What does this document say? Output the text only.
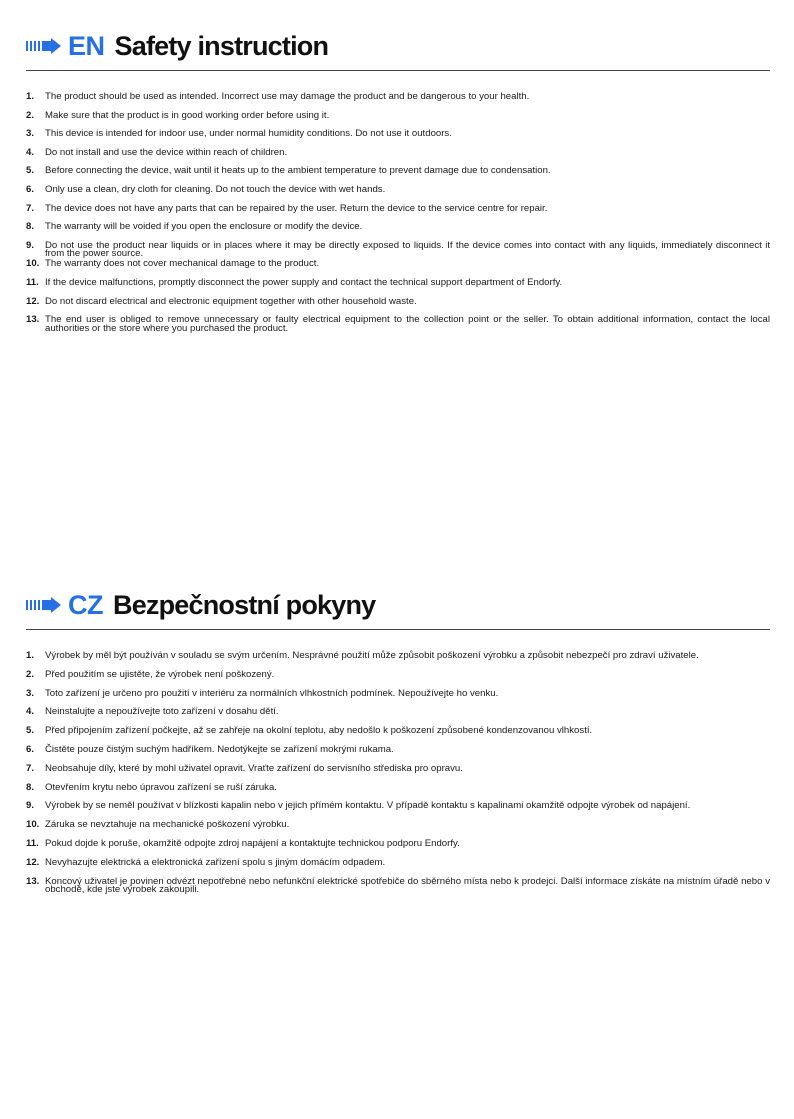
EN Safety instruction
1.	The product should be used as intended. Incorrect use may damage the product and be dangerous to your health.
2.	Make sure that the product is in good working order before using it.
3.	This device is intended for indoor use, under normal humidity conditions. Do not use it outdoors.
4.	Do not install and use the device within reach of children.
5.	Before connecting the device, wait until it heats up to the ambient temperature to prevent damage due to condensation.
6.	Only use a clean, dry cloth for cleaning. Do not touch the device with wet hands.
7.	The device does not have any parts that can be repaired by the user. Return the device to the service centre for repair.
8.	The warranty will be voided if you open the enclosure or modify the device.
9.	Do not use the product near liquids or in places where it may be directly exposed to liquids. If the device comes into contact with any liquids, immediately disconnect it from the power source.
10. The warranty does not cover mechanical damage to the product.
11. If the device malfunctions, promptly disconnect the power supply and contact the technical support department of Endorfy.
12. Do not discard electrical and electronic equipment together with other household waste.
13. The end user is obliged to remove unnecessary or faulty electrical equipment to the collection point or the seller. To obtain additional information, contact the local authorities or the store where you purchased the product.
CZ Bezpečnostní pokyny
1.	Výrobek by měl být používán v souladu se svým určením. Nesprávné použití může způsobit poškození výrobku a způsobit nebezpečí pro zdraví uživatele.
2.	Před použitím se ujistěte, že výrobek není poškozený.
3.	Toto zařízení je určeno pro použití v interiéru za normálních vlhkostních podmínek. Nepoužívejte ho venku.
4.	Neinstalujte a nepoužívejte toto zařízení v dosahu dětí.
5.	Před připojením zařízení počkejte, až se zahřeje na okolní teplotu, aby nedošlo k poškození způsobené kondenzovanou vlhkostí.
6.	Čistěte pouze čistým suchým hadříkem. Nedotýkejte se zařízení mokrými rukama.
7.	Neobsahuje díly, které by mohl uživatel opravit. Vraťte zařízení do servisního střediska pro opravu.
8.	Otevřením krytu nebo úpravou zařízení se ruší záruka.
9.	Výrobek by se neměl používat v blízkosti kapalin nebo v jejich přímém kontaktu. V případě kontaktu s kapalinami okamžitě odpojte výrobek od napájení.
10. Záruka se nevztahuje na mechanické poškození výrobku.
11. Pokud dojde k poruše, okamžitě odpojte zdroj napájení a kontaktujte technickou podporu Endorfy.
12. Nevyhazujte elektrická a elektronická zařízení spolu s jiným domácím odpadem.
13. Koncový uživatel je povinen odvézt nepotřebné nebo nefunkční elektrické spotřebiče do sběrného místa nebo k prodejci. Další informace získáte na místním úřadě nebo v obchodě, kde jste výrobek zakoupili.
